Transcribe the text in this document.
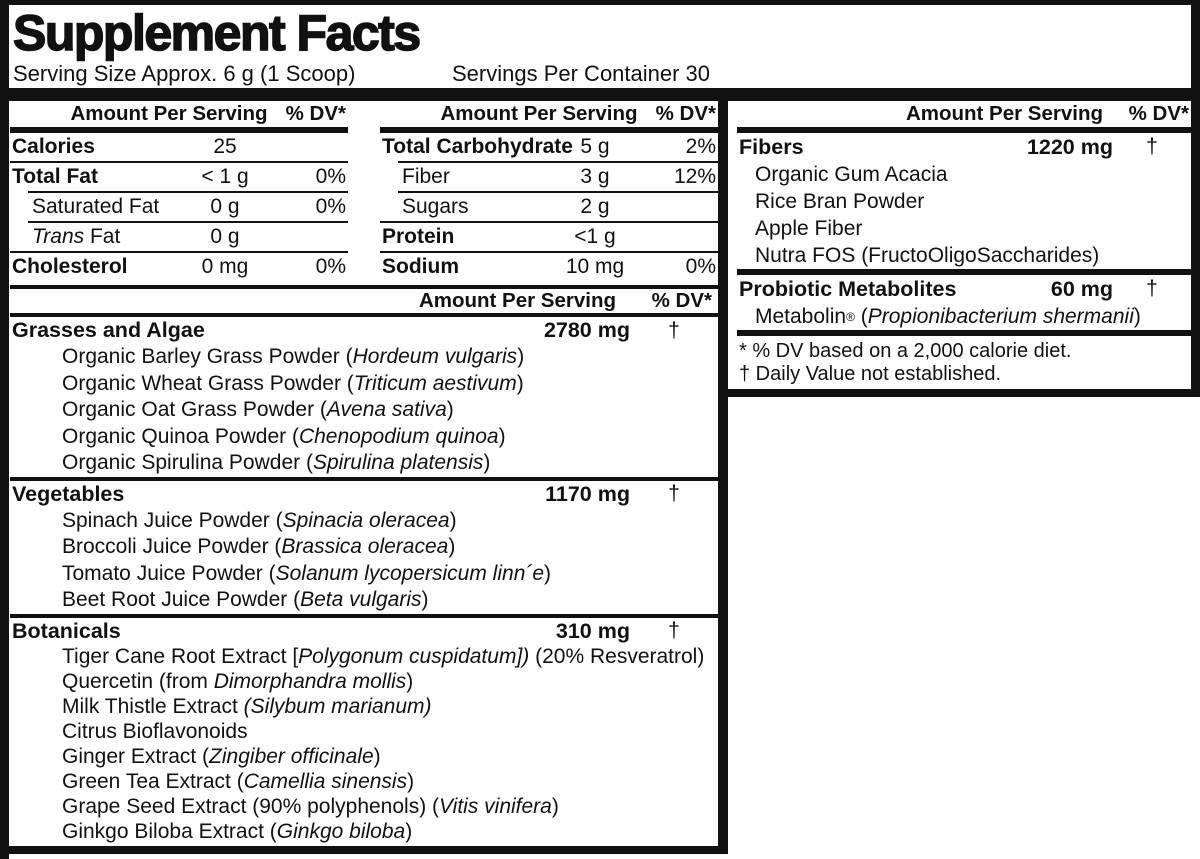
Supplement Facts
Serving Size Approx. 6 g (1 Scoop)	Servings Per Container 30
Amount Per Serving % DV*
Calories	25
Total Fat	< 1 g	0%
Saturated Fat	0 g	0%
Trans Fat	0 g
Cholesterol	0 mg	0%
Amount Per Serving % DV*
Total Carbohydrate 5 g	2%
Fiber	3 g	12%
Sugars	2 g
Protein	<1 g
Sodium	10 mg	0%
Amount Per Serving	% DV*
Grasses and Algae	2780 mg	†
Organic Barley Grass Powder ( Hordeum vulgaris )
Organic Wheat Grass Powder ( Triticum aestivum )
Organic Oat Grass Powder ( Avena sativa )
Organic Quinoa Powder ( Chenopodium quinoa )
Organic Spirulina Powder ( Spirulina platensis )
Vegetables	1170 mg	†
Spinach Juice Powder ( Spinacia oleracea )
Broccoli Juice Powder ( Brassica oleracea )
Tomato Juice Powder ( Solanum lycopersicum linn´e )
Beet Root Juice Powder ( Beta vulgaris )
Botanicals	310 mg	†
Tiger Cane Root Extract [ Polygonum cuspidatum]) (20% Resveratrol)
Quercetin (from Dimorphandra mollis )
Milk Thistle Extract (Silybum marianum)
Citrus Bioflavonoids
Ginger Extract ( Zingiber officinale )
Green Tea Extract ( Camellia sinensis )
Grape Seed Extract (90% polyphenols) ( Vitis vinifera )
Ginkgo Biloba Extract ( Ginkgo biloba )
Amount Per Serving	% DV*
Fibers	1220 mg	†
Organic Gum Acacia
Rice Bran Powder
Apple Fiber
Nutra FOS (FructoOligoSaccharides)
Probiotic Metabolites	60 mg	†
Metabolin ® ( Propionibacterium shermanii )
* % DV based on a 2,000 calorie diet.
† Daily Value not established.
